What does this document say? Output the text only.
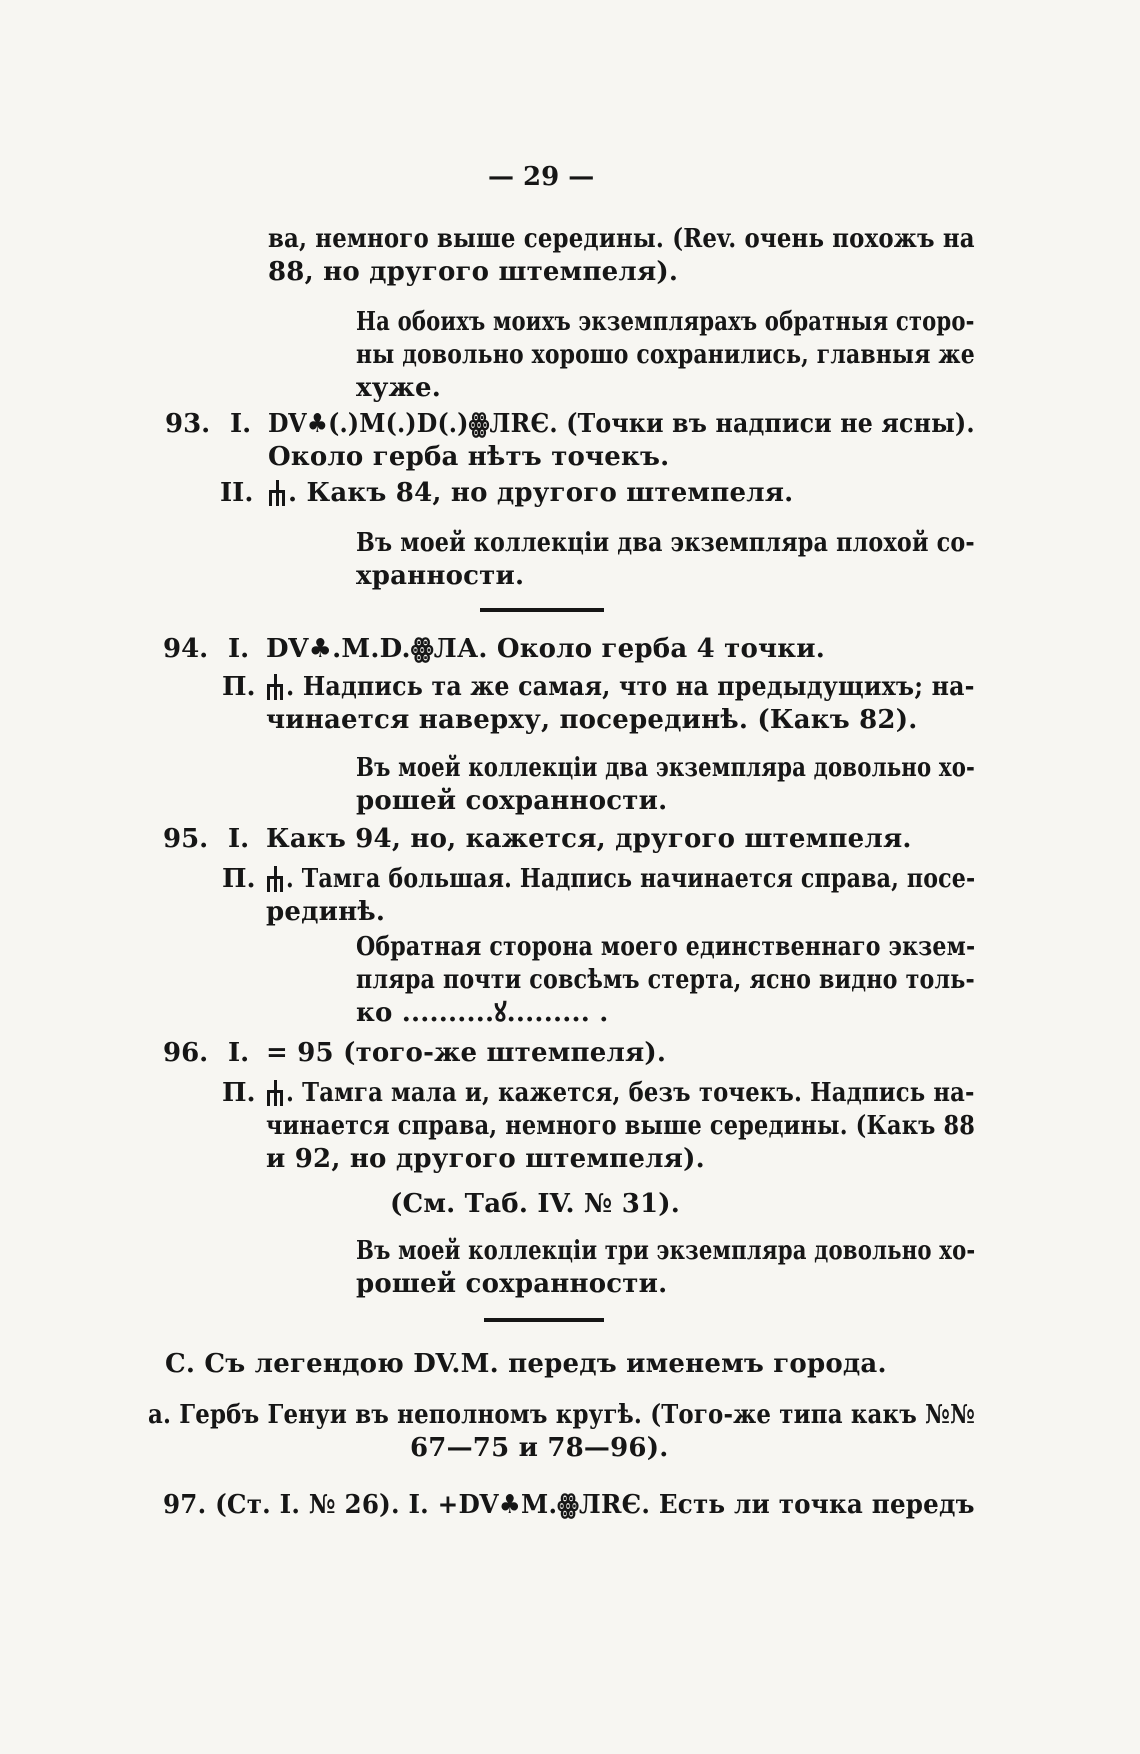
— 29 —
ва, немного выше середины. (Rev. очень похожъ на
88, но другого штемпеля).
На обоихъ моихъ экземплярахъ обратныя сторо-
ны довольно хорошо сохранились, главныя же
хуже.
93. І. DV♣(.)M(.)D(.)ꙮЛRЄ. (Точки въ надписи не ясны).
Около герба нѣтъ точекъ.
II. . Какъ 84, но другого штемпеля.
Въ моей коллекціи два экземпляра плохой со-
хранности.
94. I. DV♣.M.D.ꙮЛА. Около герба 4 точки.
П. . Надпись та же самая, что на предыдущихъ; на-
чинается наверху, посерединѣ. (Какъ 82).
Въ моей коллекціи два экземпляра довольно хо-
рошей сохранности.
95. I. Какъ 94, но, кажется, другого штемпеля.
П. . Тамга большая. Надпись начинается справа, посе-
рединѣ.
Обратная сторона моего единственнаго экзем-
пляра почти совсѣмъ стерта, ясно видно толь-
ко ..........ꙋ......... .
96. I. = 95 (того-же штемпеля).
П. . Тамга мала и, кажется, безъ точекъ. Надпись на-
чинается справа, немного выше середины. (Какъ 88
и 92, но другого штемпеля).
(См. Таб. IV. № 31).
Въ моей коллекціи три экземпляра довольно хо-
рошей сохранности.
С. Съ легендою DV.M. передъ именемъ города.
а. Гербъ Генуи въ неполномъ кругѣ. (Того-же типа какъ №№
67—75 и 78—96).
97. (Ст. І. № 26). I. +DV♣M.ꙮЛRЄ. Есть ли точка передъ
